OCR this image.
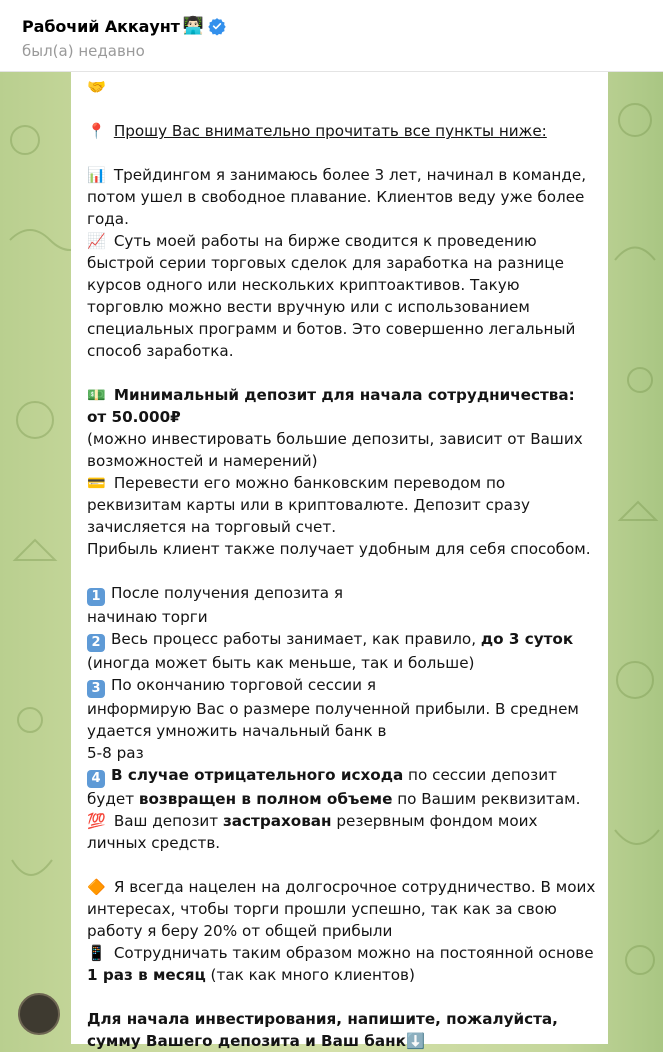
Рабочий Аккаунт 👨🏻‍💻
был(а) недавно

🤝

📍 Прошу Вас внимательно прочитать все пункты ниже:

📊 Трейдингом я занимаюсь более 3 лет, начинал в команде, потом ушел в свободное плавание. Клиентов веду уже более года.

📈 Суть моей работы на бирже сводится к проведению быстрой серии торговых сделок для заработка на разнице курсов одного или нескольких криптоактивов. Такую торговлю можно вести вручную или с использованием специальных программ и ботов. Это совершенно легальный способ заработка.

💵 Минимальный депозит для начала сотрудничества: от 50.000₽

(можно инвестировать большие депозиты, зависит от Ваших возможностей и намерений)

💳 Перевести его можно банковским переводом по реквизитам карты или в криптовалюте. Депозит сразу зачисляется на торговый счет.

Прибыль клиент также получает удобным для себя способом.

1 После получения депозита я

начинаю торги

2 Весь процесс работы занимает, как правило, до 3 суток

(иногда может быть как меньше, так и больше)

3 По окончанию торговой сессии я

информирую Вас о размере полученной прибыли. В среднем удается умножить начальный банк в

5-8 раз

4 В случае отрицательного исхода по сессии депозит будет возвращен в полном объеме по Вашим реквизитам.

💯 Ваш депозит застрахован резервным фондом моих личных средств.

🔶 Я всегда нацелен на долгосрочное сотрудничество. В моих интересах, чтобы торги прошли успешно, так как за свою работу я беру 20% от общей прибыли

📱 Сотрудничать таким образом можно на постоянной основе 1 раз в месяц (так как много клиентов)

Для начала инвестирования, напишите, пожалуйста, сумму Вашего депозита и Ваш банк⬇️
